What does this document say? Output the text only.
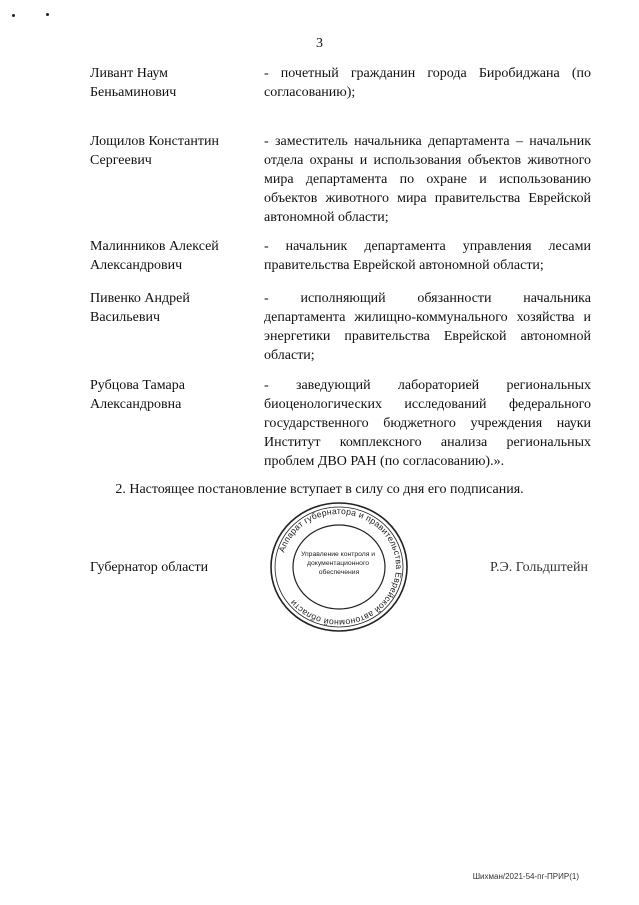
3
Ливант Наум Беньаминович
- почетный гражданин города Биробиджана (по согласованию);
Лощилов Константин Сергеевич
- заместитель начальника департамента – начальник отдела охраны и использования объектов животного мира департамента по охране и использованию объектов животного мира правительства Еврейской автономной области;
Малинников Алексей Александрович
- начальник департамента управления лесами правительства Еврейской автономной области;
Пивенко Андрей Васильевич
- исполняющий обязанности начальника департамента жилищно-коммунального хозяйства и энергетики правительства Еврейской автономной области;
Рубцова Тамара Александровна
- заведующий лабораторией региональных биоценологических исследований федерального государственного бюджетного учреждения науки Институт комплексного анализа региональных проблем ДВО РАН (по согласованию).».
2. Настоящее постановление вступает в силу со дня его подписания.
Губернатор области
Аппарат губернатора и правительства Еврейской автономной области
Управление контроля и документационного обеспечения	Р.Э. Гольдштейн
Шихман/2021-54-пг-ПРИР(1)
